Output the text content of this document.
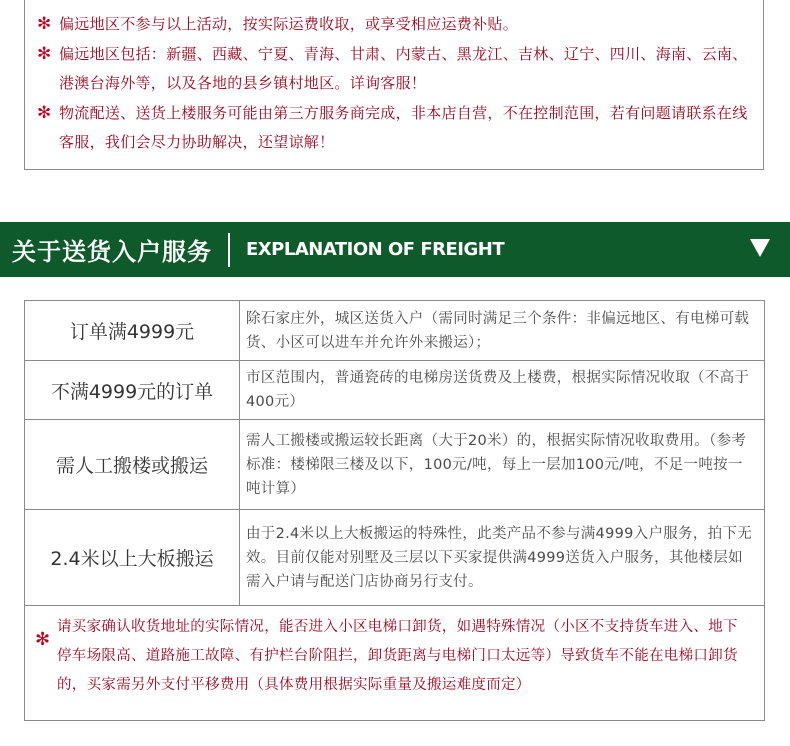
✻ 偏远地区不参与以上活动，按实际运费收取，或享受相应运费补贴。
✻ 偏远地区包括：新疆、西藏、宁夏、青海、甘肃、内蒙古、黑龙江、吉林、辽宁、四川、海南、云南、港澳台海外等，以及各地的县乡镇村地区。详询客服！
✻ 物流配送、送货上楼服务可能由第三方服务商完成，非本店自营，不在控制范围，若有问题请联系在线客服，我们会尽力协助解决，还望谅解！
关于送货入户服务 EXPLANATION OF FREIGHT
订单满4999元	除石家庄外，城区送货入户（需同时满足三个条件：非偏远地区、有电梯可载货、小区可以进车并允许外来搬运）；
不满4999元的订单	市区范围内，普通瓷砖的电梯房送货费及上楼费，根据实际情况收取（不高于400元）
需人工搬楼或搬运	需人工搬楼或搬运较长距离（大于20米）的，根据实际情况收取费用。（参考标准：楼梯限三楼及以下，100元/吨，每上一层加100元/吨，不足一吨按一吨计算）
2.4米以上大板搬运	由于2.4米以上大板搬运的特殊性，此类产品不参与满4999入户服务，拍下无效。目前仅能对别墅及三层以下买家提供满4999送货入户服务，其他楼层如需入户请与配送门店协商另行支付。
✻
请买家确认收货地址的实际情况，能否进入小区电梯口卸货，如遇特殊情况（小区不支持货车进入、地下停车场限高、道路施工故障、有护栏台阶阻拦，卸货距离与电梯门口太远等）导致货车不能在电梯口卸货的，买家需另外支付平移费用（具体费用根据实际重量及搬运难度而定）
